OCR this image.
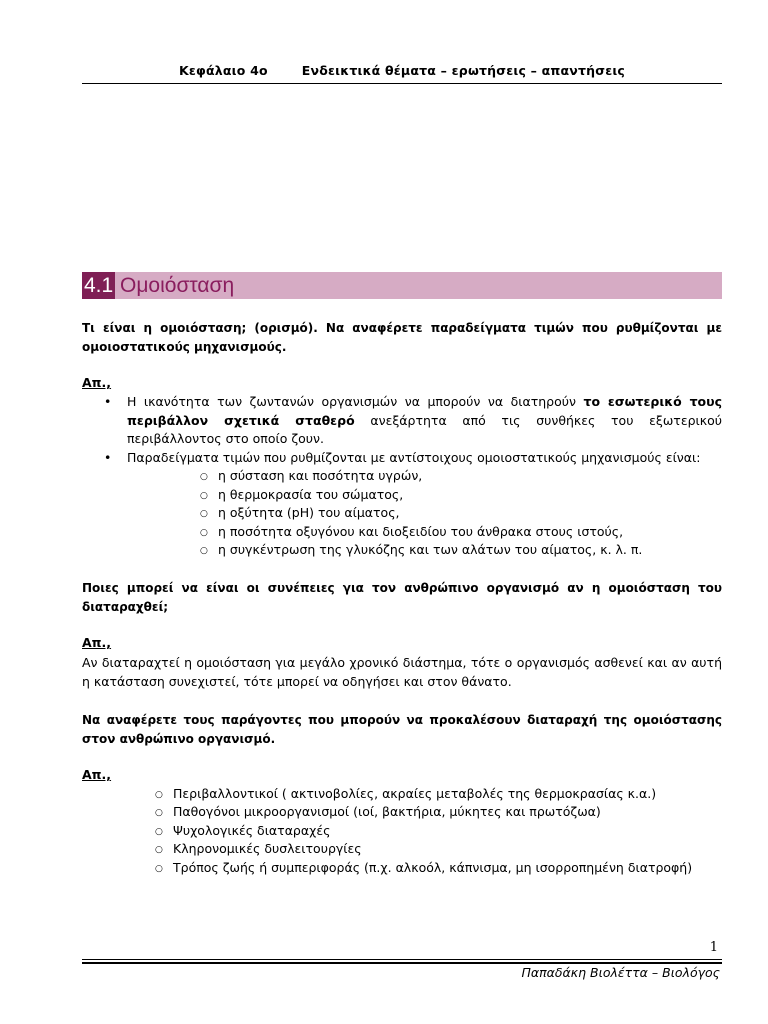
Κεφάλαιο 4ο	Ενδεικτικά θέματα – ερωτήσεις – απαντήσεις
4.1 Ομοιόσταση
Τι είναι η ομοιόσταση; (ορισμό). Να αναφέρετε παραδείγματα τιμών που ρυθμίζονται με ομοιοστατικούς μηχανισμούς.
Απ.,
• Η ικανότητα των ζωντανών οργανισμών να μπορούν να διατηρούν το εσωτερικό τους περιβάλλον σχετικά σταθερό ανεξάρτητα από τις συνθήκες του εξωτερικού περιβάλλοντος στο οποίο ζουν.
• Παραδείγματα τιμών που ρυθμίζονται με αντίστοιχους ομοιοστατικούς μηχανισμούς είναι:
○ η σύσταση και ποσότητα υγρών,
○ η θερμοκρασία του σώματος,
○ η οξύτητα (pH) του αίματος,
○ η ποσότητα οξυγόνου και διοξειδίου του άνθρακα στους ιστούς,
○ η συγκέντρωση της γλυκόζης και των αλάτων του αίματος, κ. λ. π.
Ποιες μπορεί να είναι οι συνέπειες για τον ανθρώπινο οργανισμό αν η ομοιόσταση του διαταραχθεί;
Απ.,
Αν διαταραχτεί η ομοιόσταση για μεγάλο χρονικό διάστημα, τότε ο οργανισμός ασθενεί και αν αυτή η κατάσταση συνεχιστεί, τότε μπορεί να οδηγήσει και στον θάνατο.
Να αναφέρετε τους παράγοντες που μπορούν να προκαλέσουν διαταραχή της ομοιόστασης στον ανθρώπινο οργανισμό.
Απ.,
○ Περιβαλλοντικοί ( ακτινοβολίες, ακραίες μεταβολές της θερμοκρασίας κ.α.)
○ Παθογόνοι μικροοργανισμοί (ιοί, βακτήρια, μύκητες και πρωτόζωα)
○ Ψυχολογικές διαταραχές
○ Κληρονομικές δυσλειτουργίες
○ Τρόπος ζωής ή συμπεριφοράς (π.χ. αλκοόλ, κάπνισμα, μη ισορροπημένη διατροφή)
1
Παπαδάκη Βιολέττα – Βιολόγος
